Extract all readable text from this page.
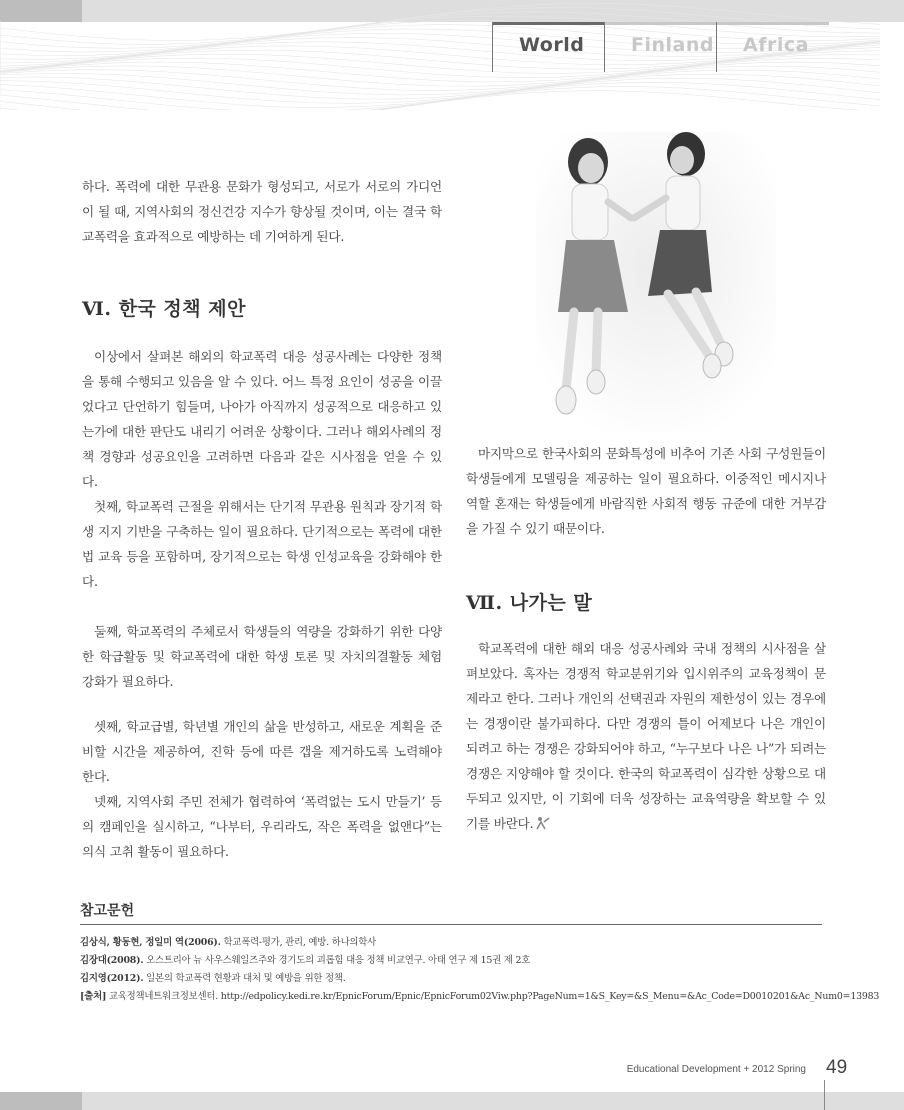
World	Finland	Africa

하다. 폭력에 대한 무관용 문화가 형성되고, 서로가 서로의 가디언이 될 때, 지역사회의 정신건강 지수가 향상될 것이며, 이는 결국 학교폭력을 효과적으로 예방하는 데 기여하게 된다.

Ⅵ. 한국 정책 제안

이상에서 살펴본 해외의 학교폭력 대응 성공사례는 다양한 정책을 통해 수행되고 있음을 알 수 있다. 어느 특정 요인이 성공을 이끌었다고 단언하기 힘들며, 나아가 아직까지 성공적으로 대응하고 있는가에 대한 판단도 내리기 어려운 상황이다. 그러나 해외사례의 정책 경향과 성공요인을 고려하면 다음과 같은 시사점을 얻을 수 있다.

첫째, 학교폭력 근절을 위해서는 단기적 무관용 원칙과 장기적 학생 지지 기반을 구축하는 일이 필요하다. 단기적으로는 폭력에 대한 법 교육 등을 포함하며, 장기적으로는 학생 인성교육을 강화해야 한다.

둘째, 학교폭력의 주체로서 학생들의 역량을 강화하기 위한 다양한 학급활동 및 학교폭력에 대한 학생 토론 및 자치의결활동 체험 강화가 필요하다.

셋째, 학교급별, 학년별 개인의 삶을 반성하고, 새로운 계획을 준비할 시간을 제공하여, 진학 등에 따른 갭을 제거하도록 노력해야 한다.

넷째, 지역사회 주민 전체가 협력하여 ‘폭력없는 도시 만들기’ 등의 캠페인을 실시하고, “나부터, 우리라도, 작은 폭력을 없앤다”는 의식 고취 활동이 필요하다.

마지막으로 한국사회의 문화특성에 비추어 기존 사회 구성원들이 학생들에게 모델링을 제공하는 일이 필요하다. 이중적인 메시지나 역할 혼재는 학생들에게 바람직한 사회적 행동 규준에 대한 거부감을 가질 수 있기 때문이다.

Ⅶ. 나가는 말

학교폭력에 대한 해외 대응 성공사례와 국내 정책의 시사점을 살펴보았다. 혹자는 경쟁적 학교분위기와 입시위주의 교육정책이 문제라고 한다. 그러나 개인의 선택권과 자원의 제한성이 있는 경우에는 경쟁이란 불가피하다. 다만 경쟁의 틀이 어제보다 나은 개인이 되려고 하는 경쟁은 강화되어야 하고, “누구보다 나은 나”가 되려는 경쟁은 지양해야 할 것이다. 한국의 학교폭력이 심각한 상황으로 대두되고 있지만, 이 기회에 더욱 성장하는 교육역량을 확보할 수 있기를 바란다.

참고문헌
김상식, 황동현, 정일미 역(2006). 학교폭력-평가, 관리, 예방. 하나의학사
김장대(2008). 오스트리아 뉴 사우스웨일즈주와 경기도의 괴롭힘 대응 정책 비교연구. 아태 연구 제 15권 제 2호
김지영(2012). 일본의 학교폭력 현황과 대처 및 예방을 위한 정책.
[출처] 교육정책네트워크정보센터. http://edpolicy.kedi.re.kr/EpnicForum/Epnic/EpnicForum02Viw.php?PageNum=1&S_Key=&S_Menu=&Ac_Code=D0010201&Ac_Num0=13983
Educational Development + 2012 Spring 49
